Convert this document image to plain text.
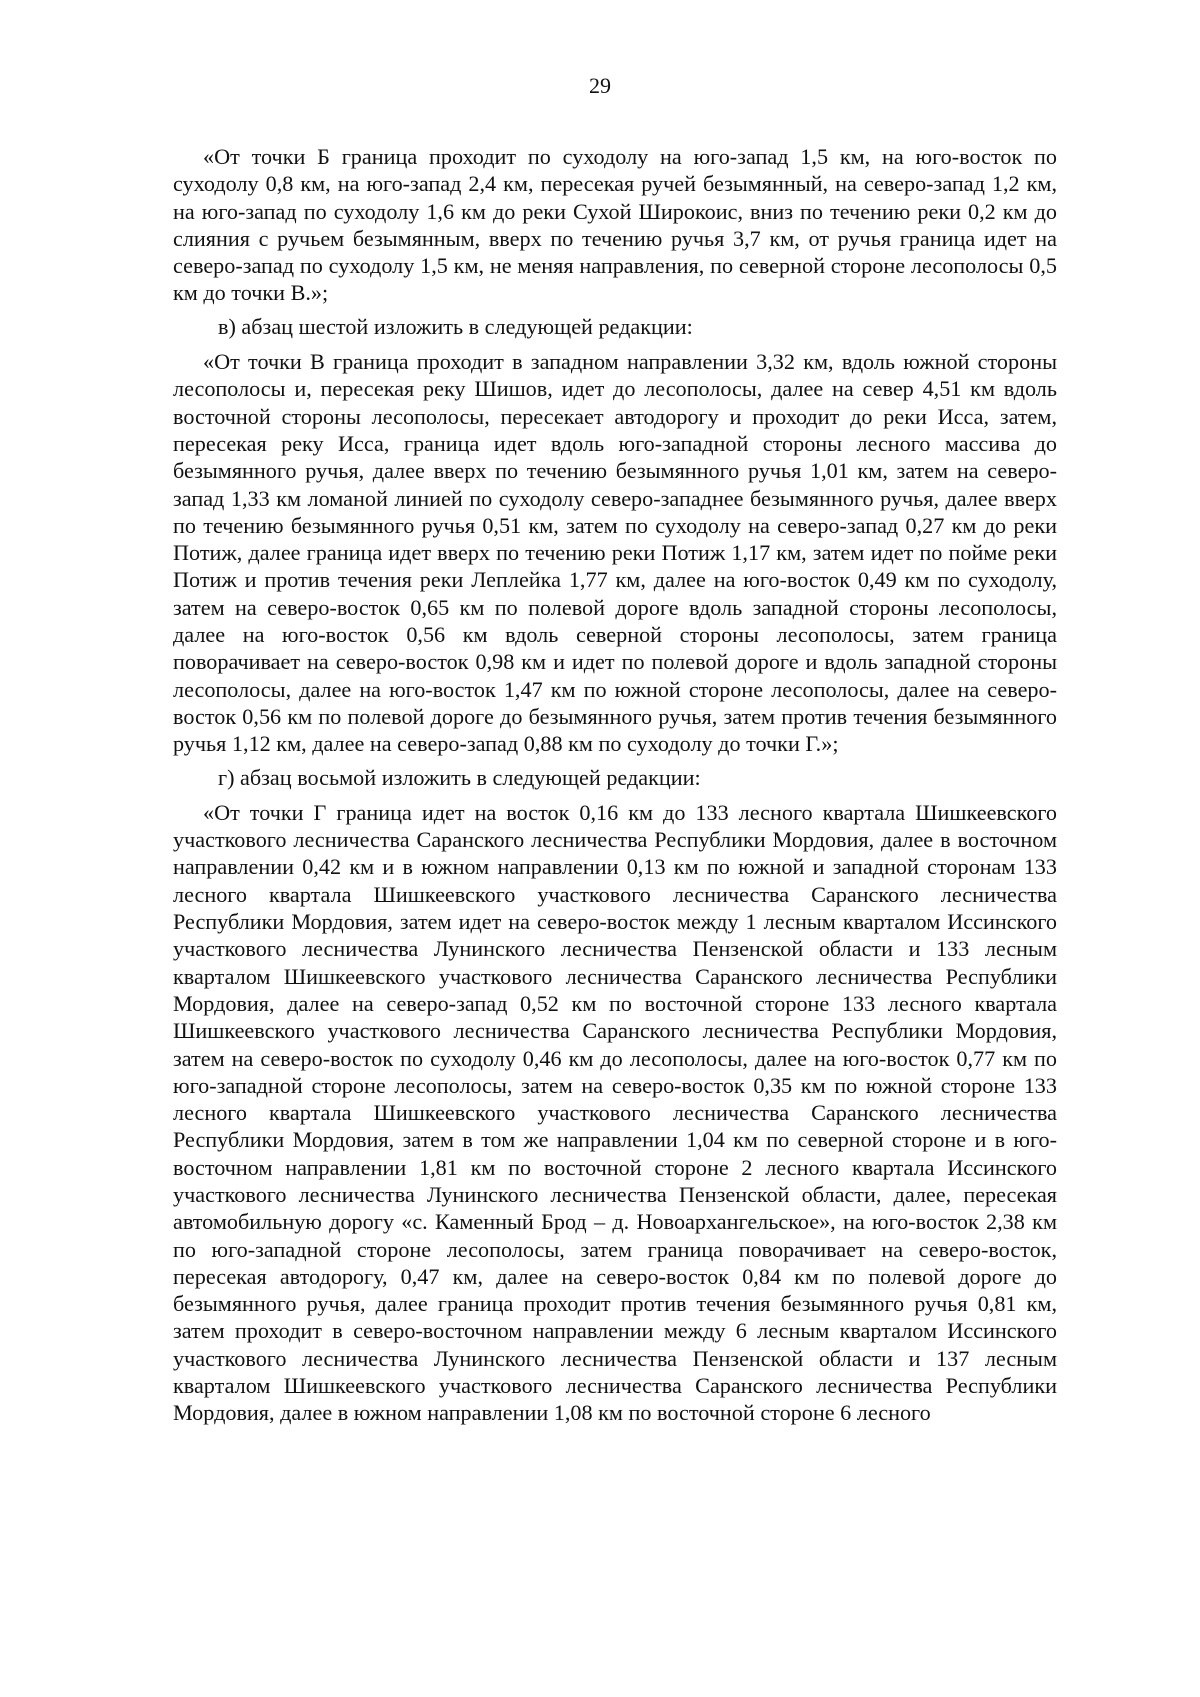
29

«От точки Б граница проходит по суходолу на юго-запад 1,5 км, на юго-восток по суходолу 0,8 км, на юго-запад 2,4 км, пересекая ручей безымянный, на северо-запад 1,2 км, на юго-запад по суходолу 1,6 км до реки Сухой Широкоис, вниз по течению реки 0,2 км до слияния с ручьем безымянным, вверх по течению ручья 3,7 км, от ручья граница идет на северо-запад по суходолу 1,5 км, не меняя направления, по северной стороне лесополосы 0,5 км до точки В.»;

в) абзац шестой изложить в следующей редакции:

«От точки В граница проходит в западном направлении 3,32 км, вдоль южной стороны лесополосы и, пересекая реку Шишов, идет до лесополосы, далее на север 4,51 км вдоль восточной стороны лесополосы, пересекает автодорогу и проходит до реки Исса, затем, пересекая реку Исса, граница идет вдоль юго-западной стороны лесного массива до безымянного ручья, далее вверх по течению безымянного ручья 1,01 км, затем на северо-запад 1,33 км ломаной линией по суходолу северо-западнее безымянного ручья, далее вверх по течению безымянного ручья 0,51 км, затем по суходолу на северо-запад 0,27 км до реки Потиж, далее граница идет вверх по течению реки Потиж 1,17 км, затем идет по пойме реки Потиж и против течения реки Леплейка 1,77 км, далее на юго-восток 0,49 км по суходолу, затем на северо-восток 0,65 км по полевой дороге вдоль западной стороны лесополосы, далее на юго-восток 0,56 км вдоль северной стороны лесополосы, затем граница поворачивает на северо-восток 0,98 км и идет по полевой дороге и вдоль западной стороны лесополосы, далее на юго-восток 1,47 км по южной стороне лесополосы, далее на северо-восток 0,56 км по полевой дороге до безымянного ручья, затем против течения безымянного ручья 1,12 км, далее на северо-запад 0,88 км по суходолу до точки Г.»;

г) абзац восьмой изложить в следующей редакции:

«От точки Г граница идет на восток 0,16 км до 133 лесного квартала Шишкеевского участкового лесничества Саранского лесничества Республики Мордовия, далее в восточном направлении 0,42 км и в южном направлении 0,13 км по южной и западной сторонам 133 лесного квартала Шишкеевского участкового лесничества Саранского лесничества Республики Мордовия, затем идет на северо-восток между 1 лесным кварталом Иссинского участкового лесничества Лунинского лесничества Пензенской области и 133 лесным кварталом Шишкеевского участкового лесничества Саранского лесничества Республики Мордовия, далее на северо-запад 0,52 км по восточной стороне 133 лесного квартала Шишкеевского участкового лесничества Саранского лесничества Республики Мордовия, затем на северо-восток по суходолу 0,46 км до лесополосы, далее на юго-восток 0,77 км по юго-западной стороне лесополосы, затем на северо-восток 0,35 км по южной стороне 133 лесного квартала Шишкеевского участкового лесничества Саранского лесничества Республики Мордовия, затем в том же направлении 1,04 км по северной стороне и в юго-восточном направлении 1,81 км по восточной стороне 2 лесного квартала Иссинского участкового лесничества Лунинского лесничества Пензенской области, далее, пересекая автомобильную дорогу «с. Каменный Брод – д. Новоархангельское», на юго-восток 2,38 км по юго-западной стороне лесополосы, затем граница поворачивает на северо-восток, пересекая автодорогу, 0,47 км, далее на северо-восток 0,84 км по полевой дороге до безымянного ручья, далее граница проходит против течения безымянного ручья 0,81 км, затем проходит в северо-восточном направлении между 6 лесным кварталом Иссинского участкового лесничества Лунинского лесничества Пензенской области и 137 лесным кварталом Шишкеевского участкового лесничества Саранского лесничества Республики Мордовия, далее в южном направлении 1,08 км по восточной стороне 6 лесного
